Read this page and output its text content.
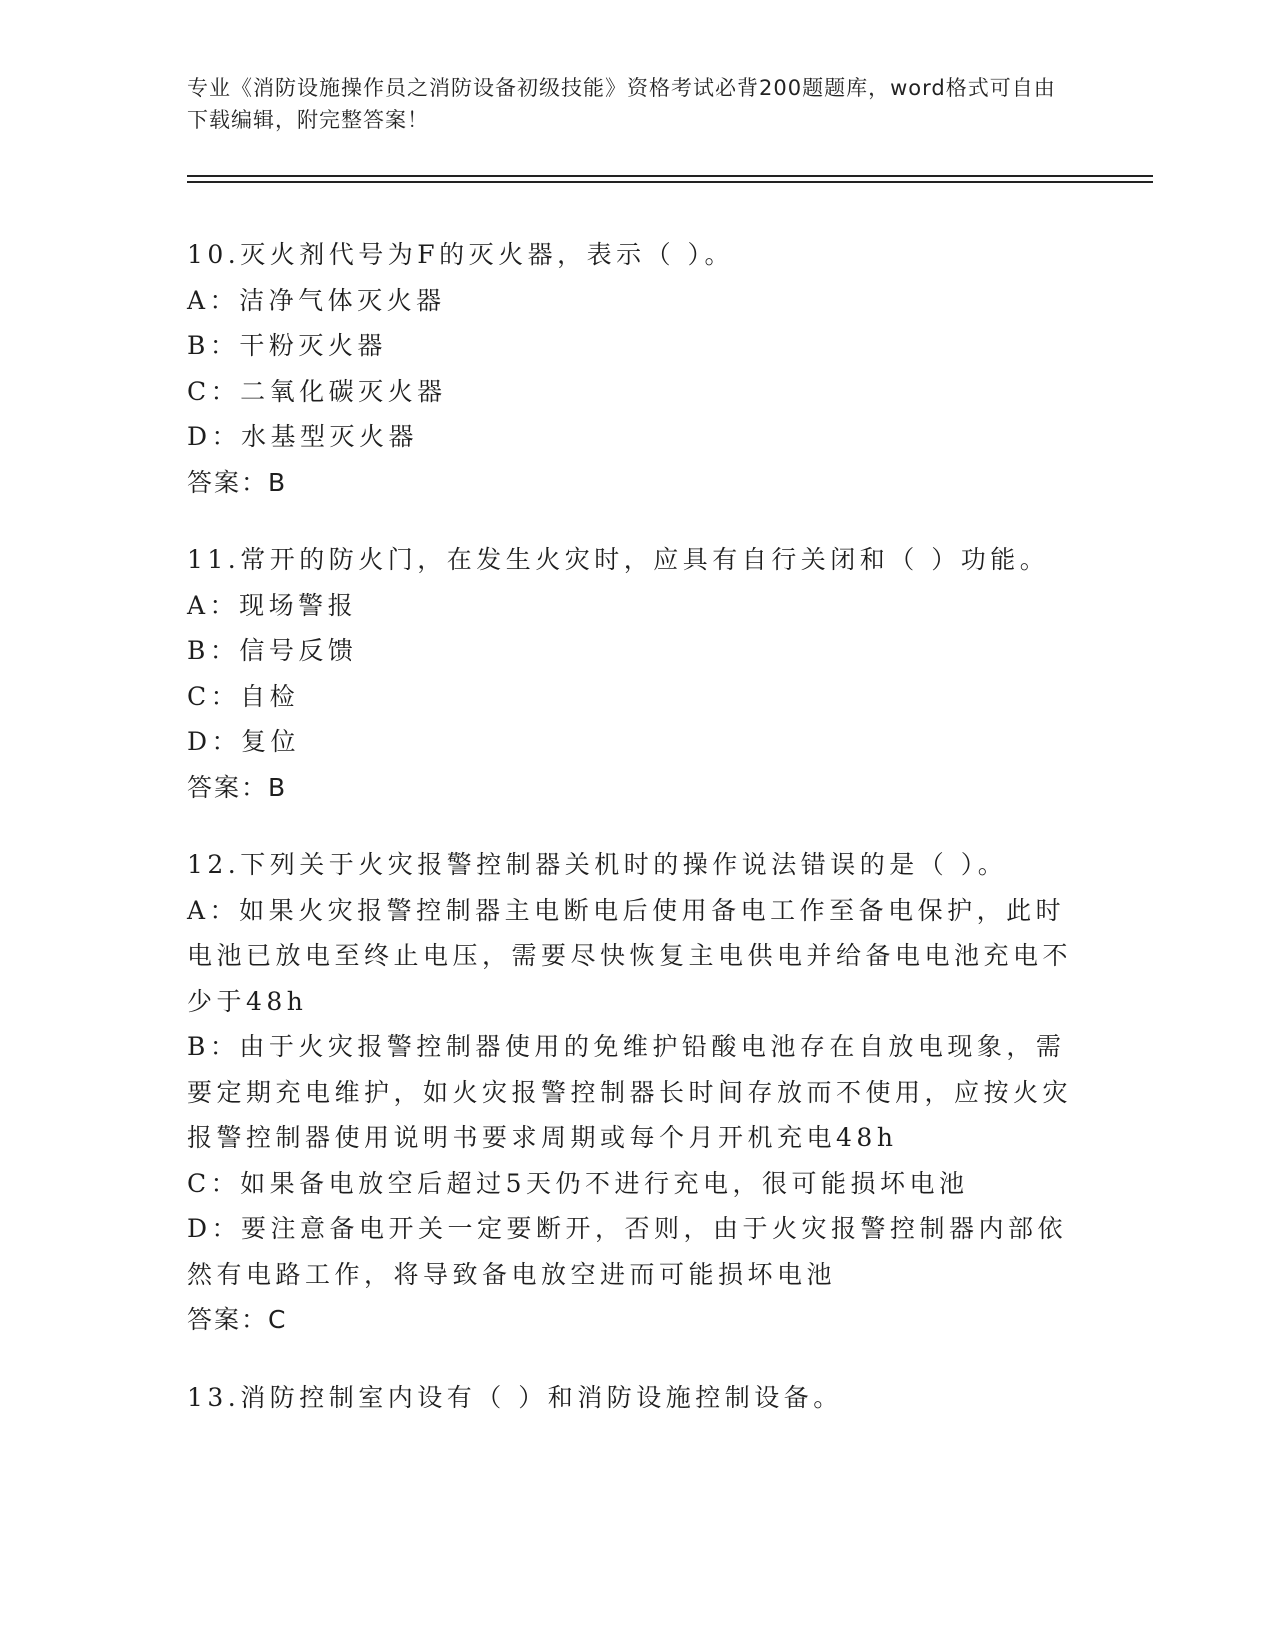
专业《消防设施操作员之消防设备初级技能》资格考试必背200题题库，word格式可自由下载编辑，附完整答案！

10.灭火剂代号为F的灭火器，表示（ ）。

A：洁净气体灭火器

B：干粉灭火器

C：二氧化碳灭火器

D：水基型灭火器

答案：B

11.常开的防火门，在发生火灾时，应具有自行关闭和（ ）功能。

A：现场警报

B：信号反馈

C：自检

D：复位

答案：B

12.下列关于火灾报警控制器关机时的操作说法错误的是（ ）。

A：如果火灾报警控制器主电断电后使用备电工作至备电保护，此时电池已放电至终止电压，需要尽快恢复主电供电并给备电电池充电不少于48h

B：由于火灾报警控制器使用的免维护铅酸电池存在自放电现象，需要定期充电维护，如火灾报警控制器长时间存放而不使用，应按火灾报警控制器使用说明书要求周期或每个月开机充电48h

C：如果备电放空后超过5天仍不进行充电，很可能损坏电池

D：要注意备电开关一定要断开，否则，由于火灾报警控制器内部依然有电路工作，将导致备电放空进而可能损坏电池

答案：C

13.消防控制室内设有（ ）和消防设施控制设备。
